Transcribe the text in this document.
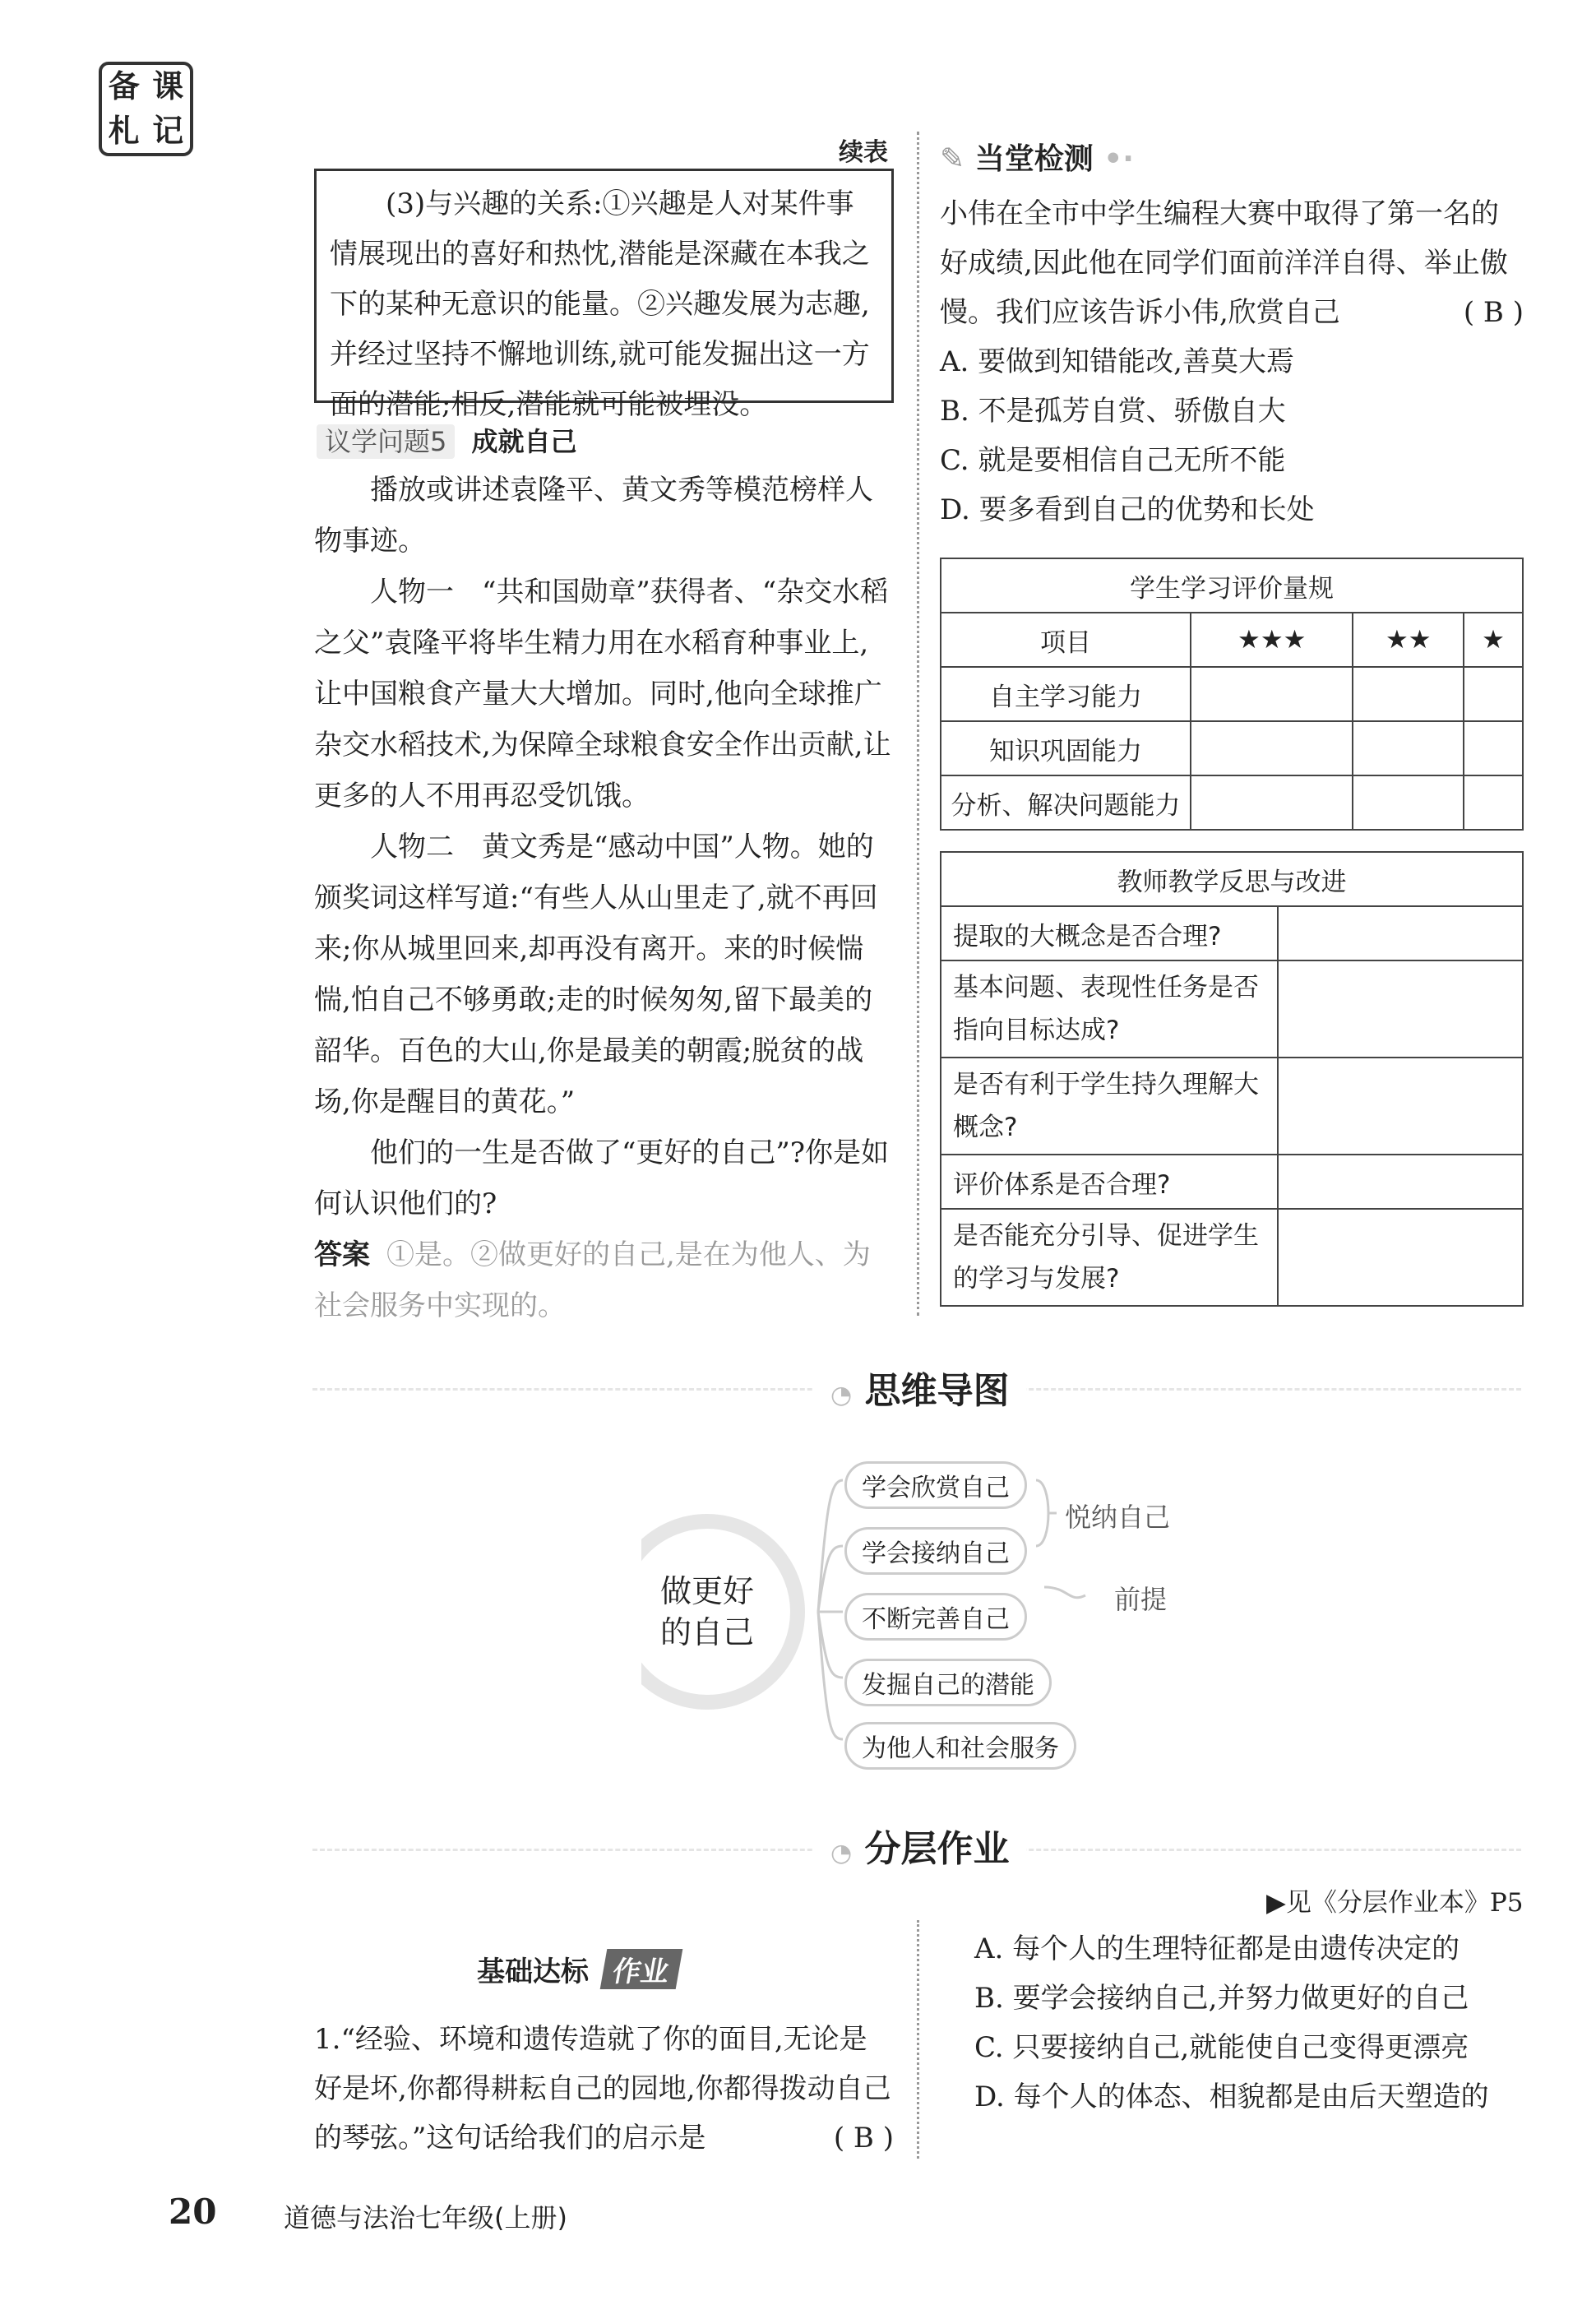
备 课
札 记
续表

(3)与兴趣的关系:①兴趣是人对某件事情展现出的喜好和热忱,潜能是深藏在本我之下的某种无意识的能量。②兴趣发展为志趣,并经过坚持不懈地训练,就可能发掘出这一方面的潜能;相反,潜能就可能被埋没。

议学问题5 成就自己

播放或讲述袁隆平、黄文秀等模范榜样人物事迹。

人物一　“共和国勋章”获得者、“杂交水稻之父”袁隆平将毕生精力用在水稻育种事业上,让中国粮食产量大大增加。同时,他向全球推广杂交水稻技术,为保障全球粮食安全作出贡献,让更多的人不用再忍受饥饿。

人物二　黄文秀是“感动中国”人物。她的颁奖词这样写道:“有些人从山里走了,就不再回来;你从城里回来,却再没有离开。来的时候惴惴,怕自己不够勇敢;走的时候匆匆,留下最美的韶华。百色的大山,你是最美的朝霞;脱贫的战场,你是醒目的黄花。”

他们的一生是否做了“更好的自己”?你是如何认识他们的?

答案 ①是。②做更好的自己,是在为他人、为社会服务中实现的。

✎ 当堂检测 •·

小伟在全市中学生编程大赛中取得了第一名的好成绩,因此他在同学们面前洋洋自得、举止傲慢。我们应该告诉小伟,欣赏自己	( B )

A. 要做到知错能改,善莫大焉

B. 不是孤芳自赏、骄傲自大

C. 就是要相信自己无所不能

D. 要多看到自己的优势和长处

学生学习评价量规			
项目	★★★	★★	★
自主学习能力			
知识巩固能力			
分析、解决问题能力			
教师教学反思与改进	
提取的大概念是否合理?	
基本问题、表现性任务是否指向目标达成?	
是否有利于学生持久理解大概念?	
评价体系是否合理?	
是否能充分引导、促进学生的学习与发展?	
◔ 思维导图
做更好
的自己
学会欣赏自己
学会接纳自己
不断完善自己
发掘自己的潜能
为他人和社会服务
悦纳自己
前提
◔ 分层作业
▶见《分层作业本》P5
基础达标 作业

1.“经验、环境和遗传造就了你的面目,无论是好是坏,你都得耕耘自己的园地,你都得拨动自己的琴弦。”这句话给我们的启示是	( B )

A. 每个人的生理特征都是由遗传决定的

B. 要学会接纳自己,并努力做更好的自己

C. 只要接纳自己,就能使自己变得更漂亮

D. 每个人的体态、相貌都是由后天塑造的

20	道德与法治七年级(上册)
